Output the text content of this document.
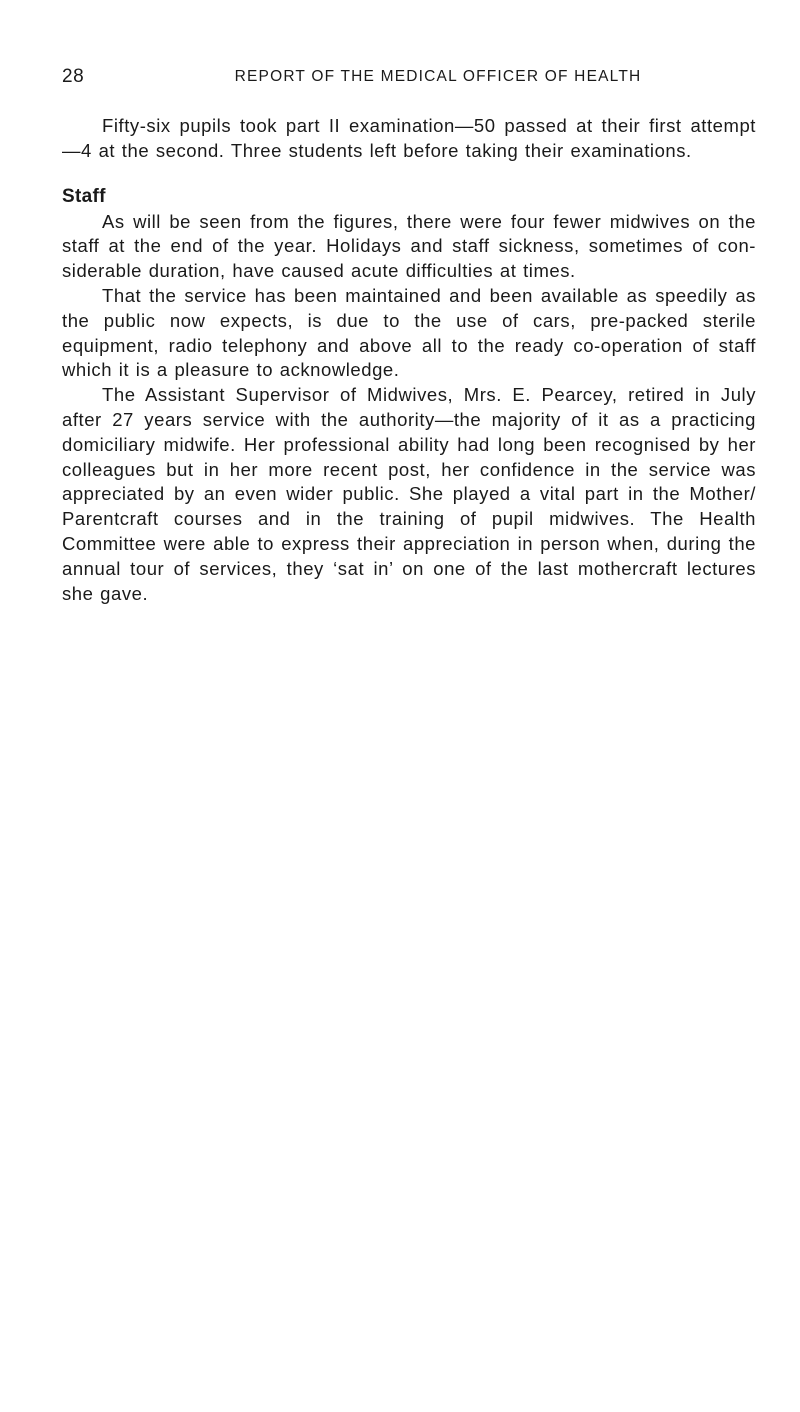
28	REPORT OF THE MEDICAL OFFICER OF HEALTH

Fifty-six pupils took part II examination—50 passed at their first attempt —4 at the second. Three students left before taking their examinations.

Staff

As will be seen from the figures, there were four fewer midwives on the staff at the end of the year. Holidays and staff sickness, sometimes of con-siderable duration, have caused acute difficulties at times.

That the service has been maintained and been available as speedily as the public now expects, is due to the use of cars, pre-packed sterile equipment, radio telephony and above all to the ready co-operation of staff which it is a pleasure to acknowledge.

The Assistant Supervisor of Midwives, Mrs. E. Pearcey, retired in July after 27 years service with the authority—the majority of it as a practicing domiciliary midwife. Her professional ability had long been recognised by her colleagues but in her more recent post, her confidence in the service was appreciated by an even wider public. She played a vital part in the Mother/ Parentcraft courses and in the training of pupil midwives. The Health Committee were able to express their appreciation in person when, during the annual tour of services, they ‘sat in’ on one of the last mothercraft lectures she gave.
